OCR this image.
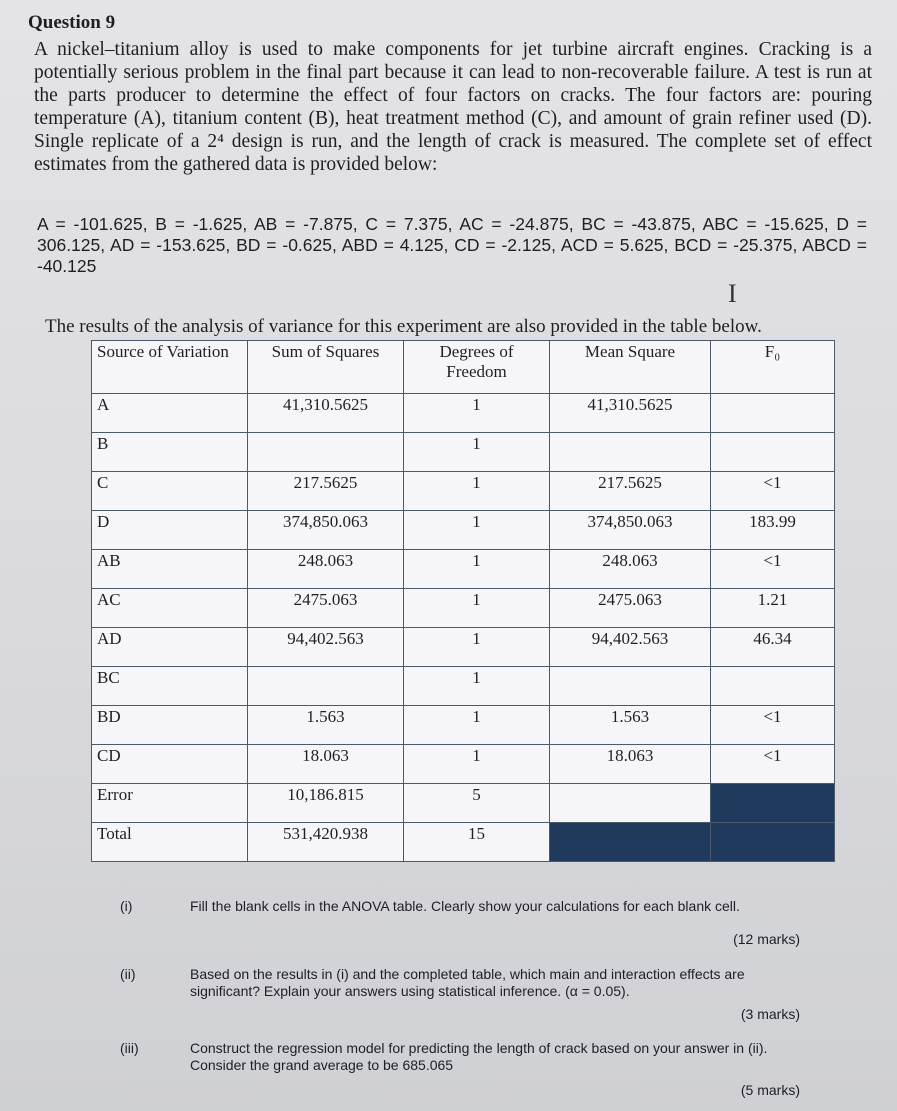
Question 9
A nickel–titanium alloy is used to make components for jet turbine aircraft engines. Cracking is a potentially serious problem in the final part because it can lead to non-recoverable failure. A test is run at the parts producer to determine the effect of four factors on cracks. The four factors are: pouring temperature (A), titanium content (B), heat treatment method (C), and amount of grain refiner used (D). Single replicate of a 2⁴ design is run, and the length of crack is measured. The complete set of effect estimates from the gathered data is provided below:
A = -101.625, B = -1.625, AB = -7.875, C = 7.375, AC = -24.875, BC = -43.875, ABC = -15.625, D = 306.125, AD = -153.625, BD = -0.625, ABD = 4.125, CD = -2.125, ACD = 5.625, BCD = -25.375, ABCD = -40.125
I
The results of the analysis of variance for this experiment are also provided in the table below.
Source of Variation	Sum of Squares	Degrees of Freedom	Mean Square	F₀
A	41,310.5625	1	41,310.5625	
B		1		
C	217.5625	1	217.5625	<1
D	374,850.063	1	374,850.063	183.99
AB	248.063	1	248.063	<1
AC	2475.063	1	2475.063	1.21
AD	94,402.563	1	94,402.563	46.34
BC		1		
BD	1.563	1	1.563	<1
CD	18.063	1	18.063	<1
Error	10,186.815	5		
Total	531,420.938	15		
(i)	Fill the blank cells in the ANOVA table. Clearly show your calculations for each blank cell.
(12 marks)
(ii)	Based on the results in (i) and the completed table, which main and interaction effects are significant? Explain your answers using statistical inference. (α = 0.05).
(3 marks)
(iii)	Construct the regression model for predicting the length of crack based on your answer in (ii). Consider the grand average to be 685.065
(5 marks)
